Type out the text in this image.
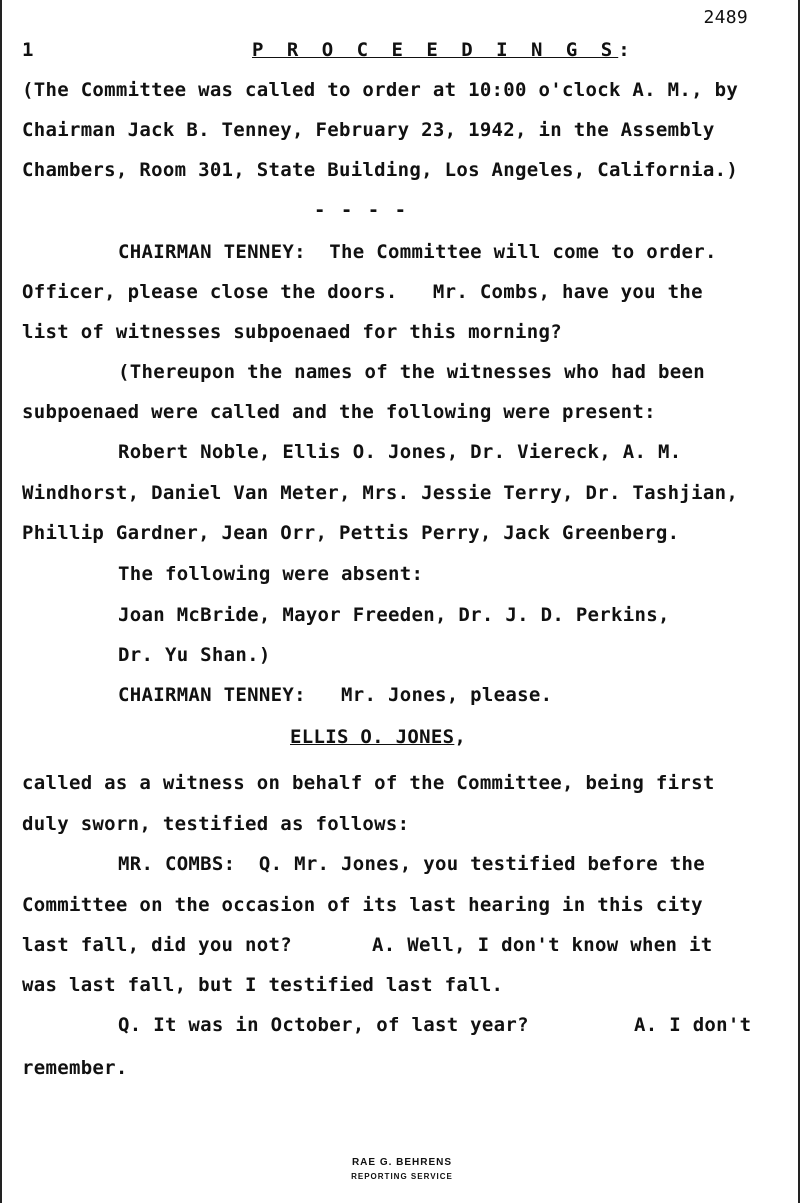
2489
1	P R O C E E D I N G S:
(The Committee was called to order at 10:00 o'clock A. M., by
Chairman Jack B. Tenney, February 23, 1942, in the Assembly
Chambers, Room 301, State Building, Los Angeles, California.)
- - - -
CHAIRMAN TENNEY:  The Committee will come to order.
Officer, please close the doors.   Mr. Combs, have you the
list of witnesses subpoenaed for this morning?
(Thereupon the names of the witnesses who had been
subpoenaed were called and the following were present:
Robert Noble, Ellis O. Jones, Dr. Viereck, A. M.
Windhorst, Daniel Van Meter, Mrs. Jessie Terry, Dr. Tashjian,
Phillip Gardner, Jean Orr, Pettis Perry, Jack Greenberg.
The following were absent:
Joan McBride, Mayor Freeden, Dr. J. D. Perkins,
Dr. Yu Shan.)
CHAIRMAN TENNEY:   Mr. Jones, please.
ELLIS O. JONES,
called as a witness on behalf of the Committee, being first
duly sworn, testified as follows:
MR. COMBS:  Q. Mr. Jones, you testified before the
Committee on the occasion of its last hearing in this city
last fall, did you not?	A. Well, I don't know when it
was last fall, but I testified last fall.
Q. It was in October, of last year?	A. I don't
remember.
RAE G. BEHRENS
REPORTING SERVICE
